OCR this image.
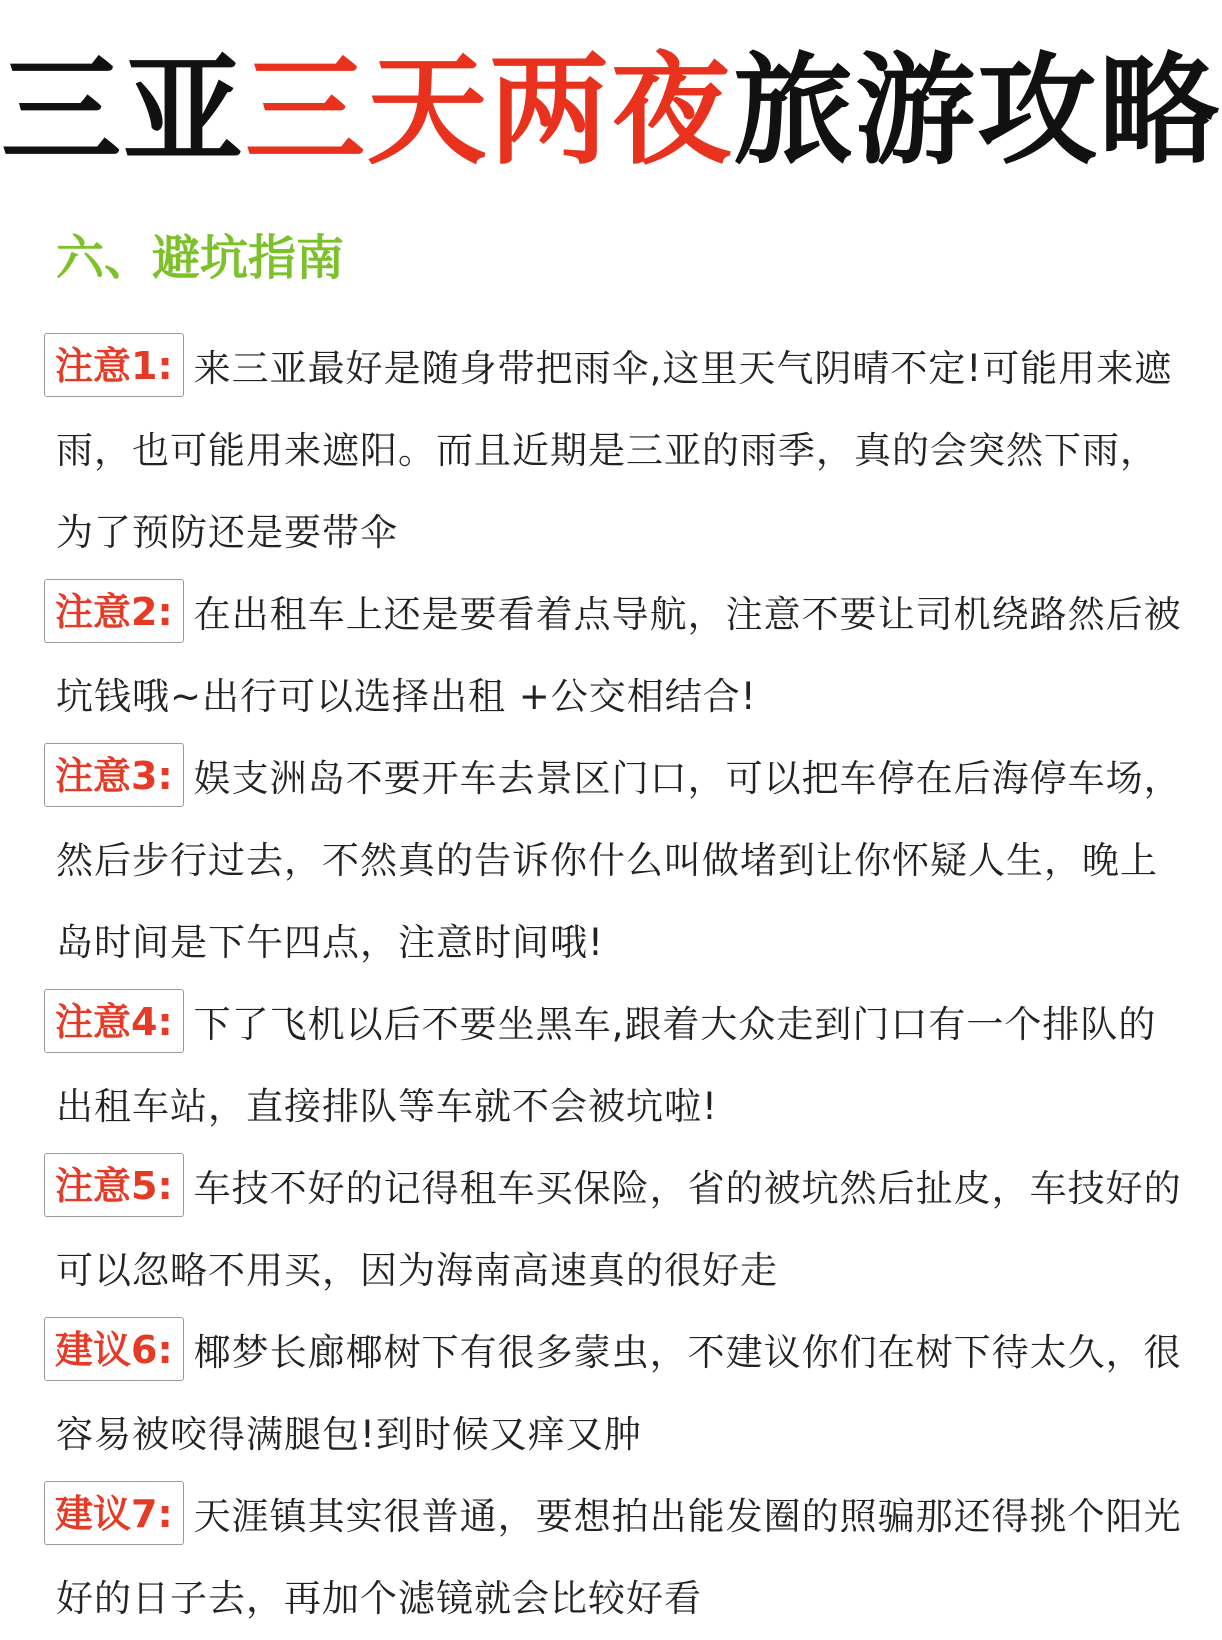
三亚三天两夜旅游攻略
六、避坑指南

注意1: 来三亚最好是随身带把雨伞,这里天气阴晴不定!可能用来遮雨，也可能用来遮阳。而且近期是三亚的雨季，真的会突然下雨，为了预防还是要带伞

注意2: 在出租车上还是要看着点导航，注意不要让司机绕路然后被坑钱哦~出行可以选择出租 +公交相结合!

注意3: 娱支洲岛不要开车去景区门口，可以把车停在后海停车场，然后步行过去，不然真的告诉你什么叫做堵到让你怀疑人生，晚上岛时间是下午四点，注意时间哦!

注意4: 下了飞机以后不要坐黑车,跟着大众走到门口有一个排队的出租车站，直接排队等车就不会被坑啦!

注意5: 车技不好的记得租车买保险，省的被坑然后扯皮，车技好的可以忽略不用买，因为海南高速真的很好走

建议6: 椰梦长廊椰树下有很多蒙虫，不建议你们在树下待太久，很容易被咬得满腿包!到时候又痒又肿

建议7: 天涯镇其实很普通，要想拍出能发圈的照骗那还得挑个阳光好的日子去，再加个滤镜就会比较好看
